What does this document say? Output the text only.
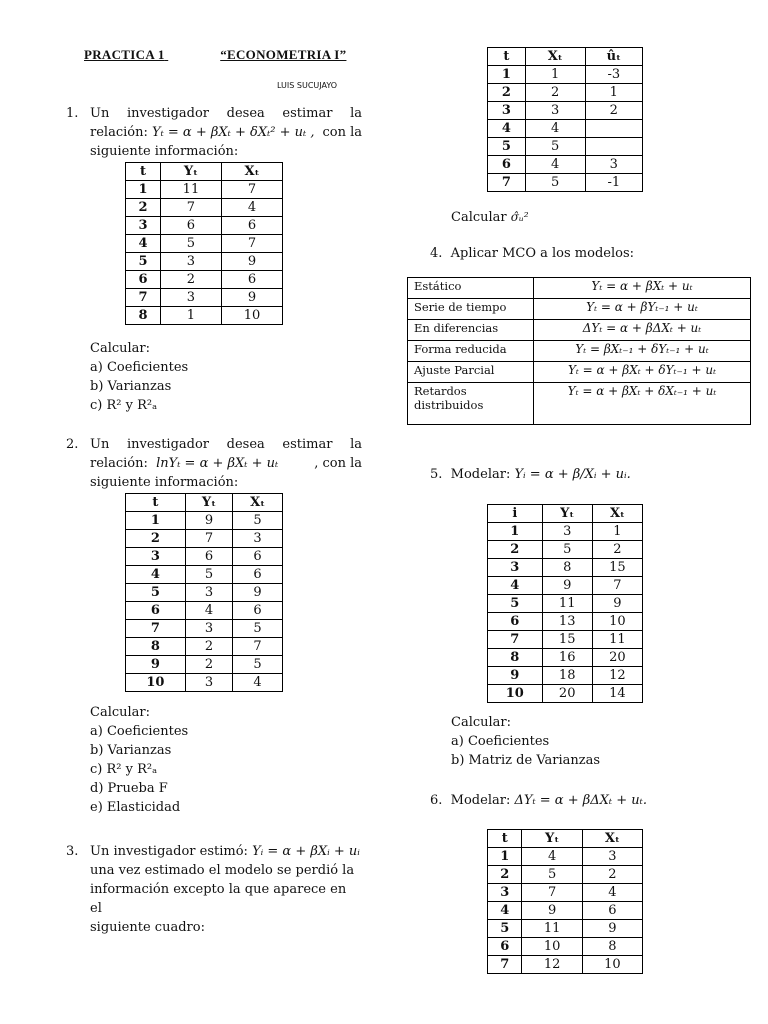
PRACTICA 1	“ECONOMETRIA I”
LUIS SUCUJAYO
1. Un investigador desea estimar la
relación: Yₜ = α + βXₜ + δXₜ² + uₜ , con la
siguiente información:
t	Yₜ	Xₜ
1	11	7
2	7	4
3	6	6
4	5	7
5	3	9
6	2	6
7	3	9
8	1	10
Calcular:
a) Coeficientes
b) Varianzas
c) R² y R²ₐ
2. Un investigador desea estimar la
relación: lnYₜ = α + βXₜ + uₜ	, con la
siguiente información:
t	Yₜ	Xₜ
1	9	5
2	7	3
3	6	6
4	5	6
5	3	9
6	4	6
7	3	5
8	2	7
9	2	5
10	3	4
Calcular:
a) Coeficientes
b) Varianzas
c) R² y R²ₐ
d) Prueba F
e) Elasticidad
3. Un investigador estimó: Yᵢ = α + βXᵢ + uᵢ
una vez estimado el modelo se perdió la
información excepto la que aparece en el
siguiente cuadro:
t	Xₜ	ûₜ
1	1	-3
2	2	1
3	3	2
4	4	
5	5	
6	4	3
7	5	-1
Calcular σ̂ᵤ²
4. Aplicar MCO a los modelos:
Estático	Yₜ = α + βXₜ + uₜ
Serie de tiempo	Yₜ = α + βYₜ₋₁ + uₜ
En diferencias	ΔYₜ = α + βΔXₜ + uₜ
Forma reducida	Yₜ = βXₜ₋₁ + δYₜ₋₁ + uₜ
Ajuste Parcial	Yₜ = α + βXₜ + δYₜ₋₁ + uₜ
Retardos distribuidos	Yₜ = α + βXₜ + δXₜ₋₁ + uₜ
5. Modelar: Yᵢ = α + β/Xᵢ + uᵢ.
i	Yₜ	Xₜ
1	3	1
2	5	2
3	8	15
4	9	7
5	11	9
6	13	10
7	15	11
8	16	20
9	18	12
10	20	14
Calcular:
a) Coeficientes
b) Matriz de Varianzas
6. Modelar: ΔYₜ = α + βΔXₜ + uₜ.
t	Yₜ	Xₜ
1	4	3
2	5	2
3	7	4
4	9	6
5	11	9
6	10	8
7	12	10
